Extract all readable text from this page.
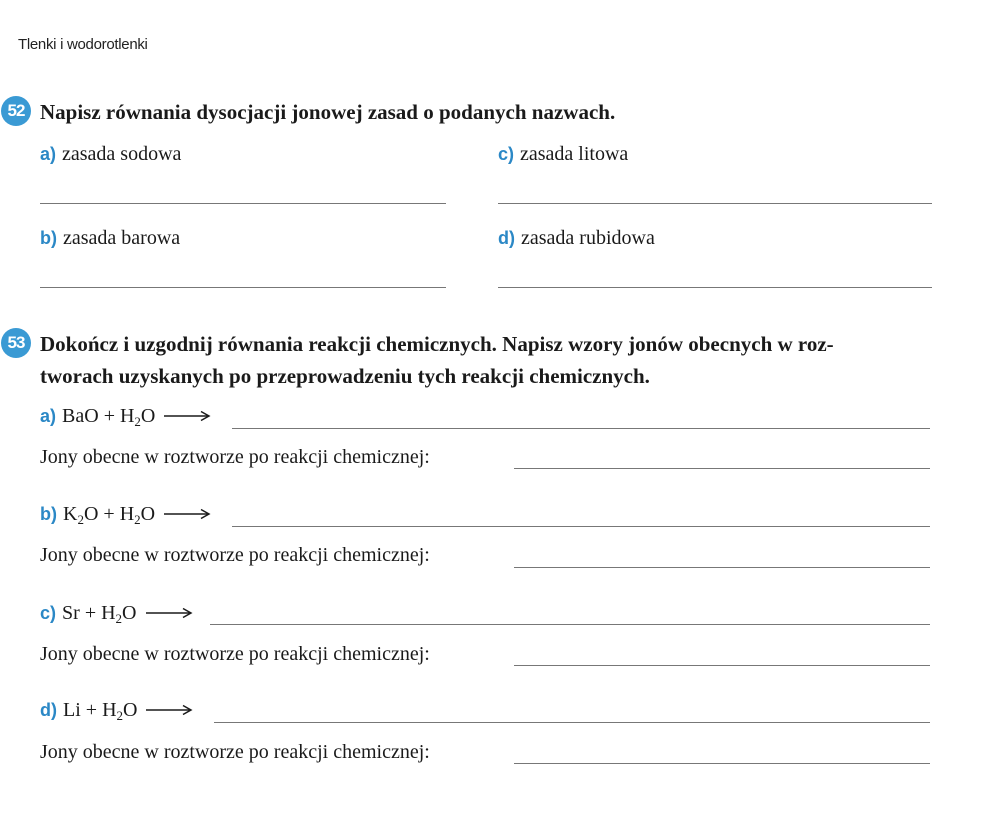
Tlenki i wodorotlenki
52 Napisz równania dysocjacji jonowej zasad o podanych nazwach.
a) zasada sodowa	c) zasada litowa
b) zasada barowa	d) zasada rubidowa
53 Dokończ i uzgodnij równania reakcji chemicznych. Napisz wzory jonów obecnych w roz-
tworach uzyskanych po przeprowadzeniu tych reakcji chemicznych.
a) BaO + $H_2O$ →
Jony obecne w roztworze po reakcji chemicznej:
b) $K_2O + H_2O$ →
Jony obecne w roztworze po reakcji chemicznej:
c) $Sr + H_2O$ →
Jony obecne w roztworze po reakcji chemicznej:
d) $Li + H_2O$ →
Jony obecne w roztworze po reakcji chemicznej:
